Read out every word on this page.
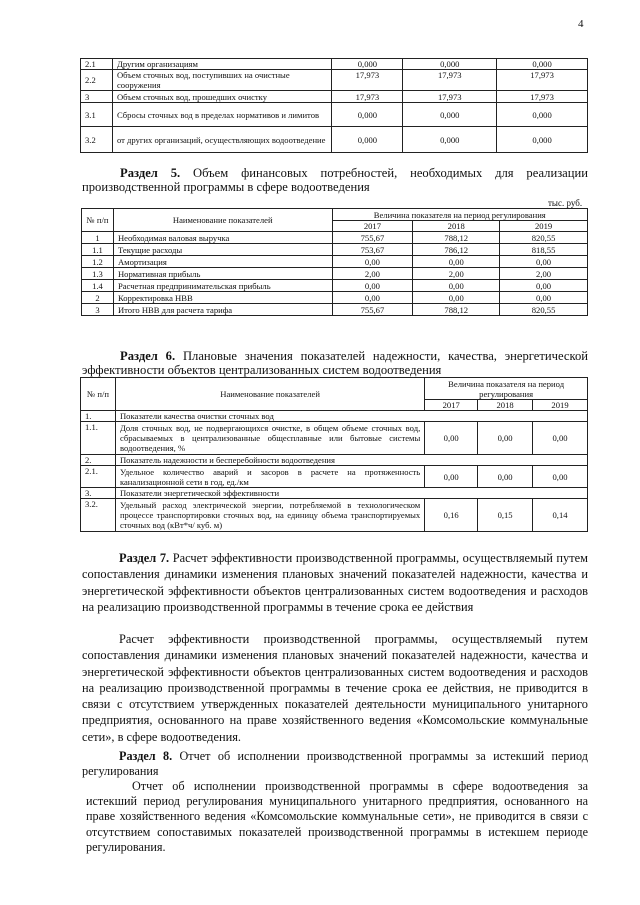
4
2.1	Другим организациям	0,000	0,000	0,000
2.2	Объем сточных вод, поступивших на очистные сооружения	17,973	17,973	17,973
3	Объем сточных вод, прошедших очистку	17,973	17,973	17,973
3.1	Сбросы сточных вод в пределах нормативов и лимитов	0,000	0,000	0,000
3.2	от других организаций, осуществляющих водоотведение	0,000	0,000	0,000
Раздел 5. Объем финансовых потребностей, необходимых для реализации производственной программы в сфере водоотведения
тыс. руб.
№ п/п	Наименование показателей	Величина показателя на период регулирования		
		2017	2018	2019
1	Необходимая валовая выручка	755,67	788,12	820,55
1.1	Текущие расходы	753,67	786,12	818,55
1.2	Амортизация	0,00	0,00	0,00
1.3	Нормативная прибыль	2,00	2,00	2,00
1.4	Расчетная предпринимательская прибыль	0,00	0,00	0,00
2	Корректировка НВВ	0,00	0,00	0,00
3	Итого НВВ для расчета тарифа	755,67	788,12	820,55
Раздел 6. Плановые значения показателей надежности, качества, энергетической эффективности объектов централизованных систем водоотведения
№ п/п	Наименование показателей	Величина показателя на период регулирования		
		2017	2018	2019
1.	Показатели качества очистки сточных вод			
1.1.	Доля сточных вод, не подвергающихся очистке, в общем объеме сточных вод, сбрасываемых в централизованные общесплавные или бытовые системы водоотведения, %	0,00	0,00	0,00
2.	Показатель надежности и бесперебойности водоотведения			
2.1.	Удельное количество аварий и засоров в расчете на протяженность канализационной сети в год, ед./км	0,00	0,00	0,00
3.	Показатели энергетической эффективности			
3.2.	Удельный расход электрической энергии, потребляемой в технологическом процессе транспортировки сточных вод, на единицу объема транспортируемых сточных вод (кВт*ч/ куб. м)	0,16	0,15	0,14
Раздел 7. Расчет эффективности производственной программы, осуществляемый путем сопоставления динамики изменения плановых значений показателей надежности, качества и энергетической эффективности объектов централизованных систем водоотведения и расходов на реализацию производственной программы в течение срока ее действия
Расчет эффективности производственной программы, осуществляемый путем сопоставления динамики изменения плановых значений показателей надежности, качества и энергетической эффективности объектов централизованных систем водоотведения и расходов на реализацию производственной программы в течение срока ее действия, не приводится в связи с отсутствием утвержденных показателей деятельности муниципального унитарного предприятия, основанного на праве хозяйственного ведения «Комсомольские коммунальные сети», в сфере водоотведения.
Раздел 8. Отчет об исполнении производственной программы за истекший период регулирования
Отчет об исполнении производственной программы в сфере водоотведения за истекший период регулирования муниципального унитарного предприятия, основанного на праве хозяйственного ведения «Комсомольские коммунальные сети», не приводится в связи с отсутствием сопоставимых показателей производственной программы в истекшем периоде регулирования.
